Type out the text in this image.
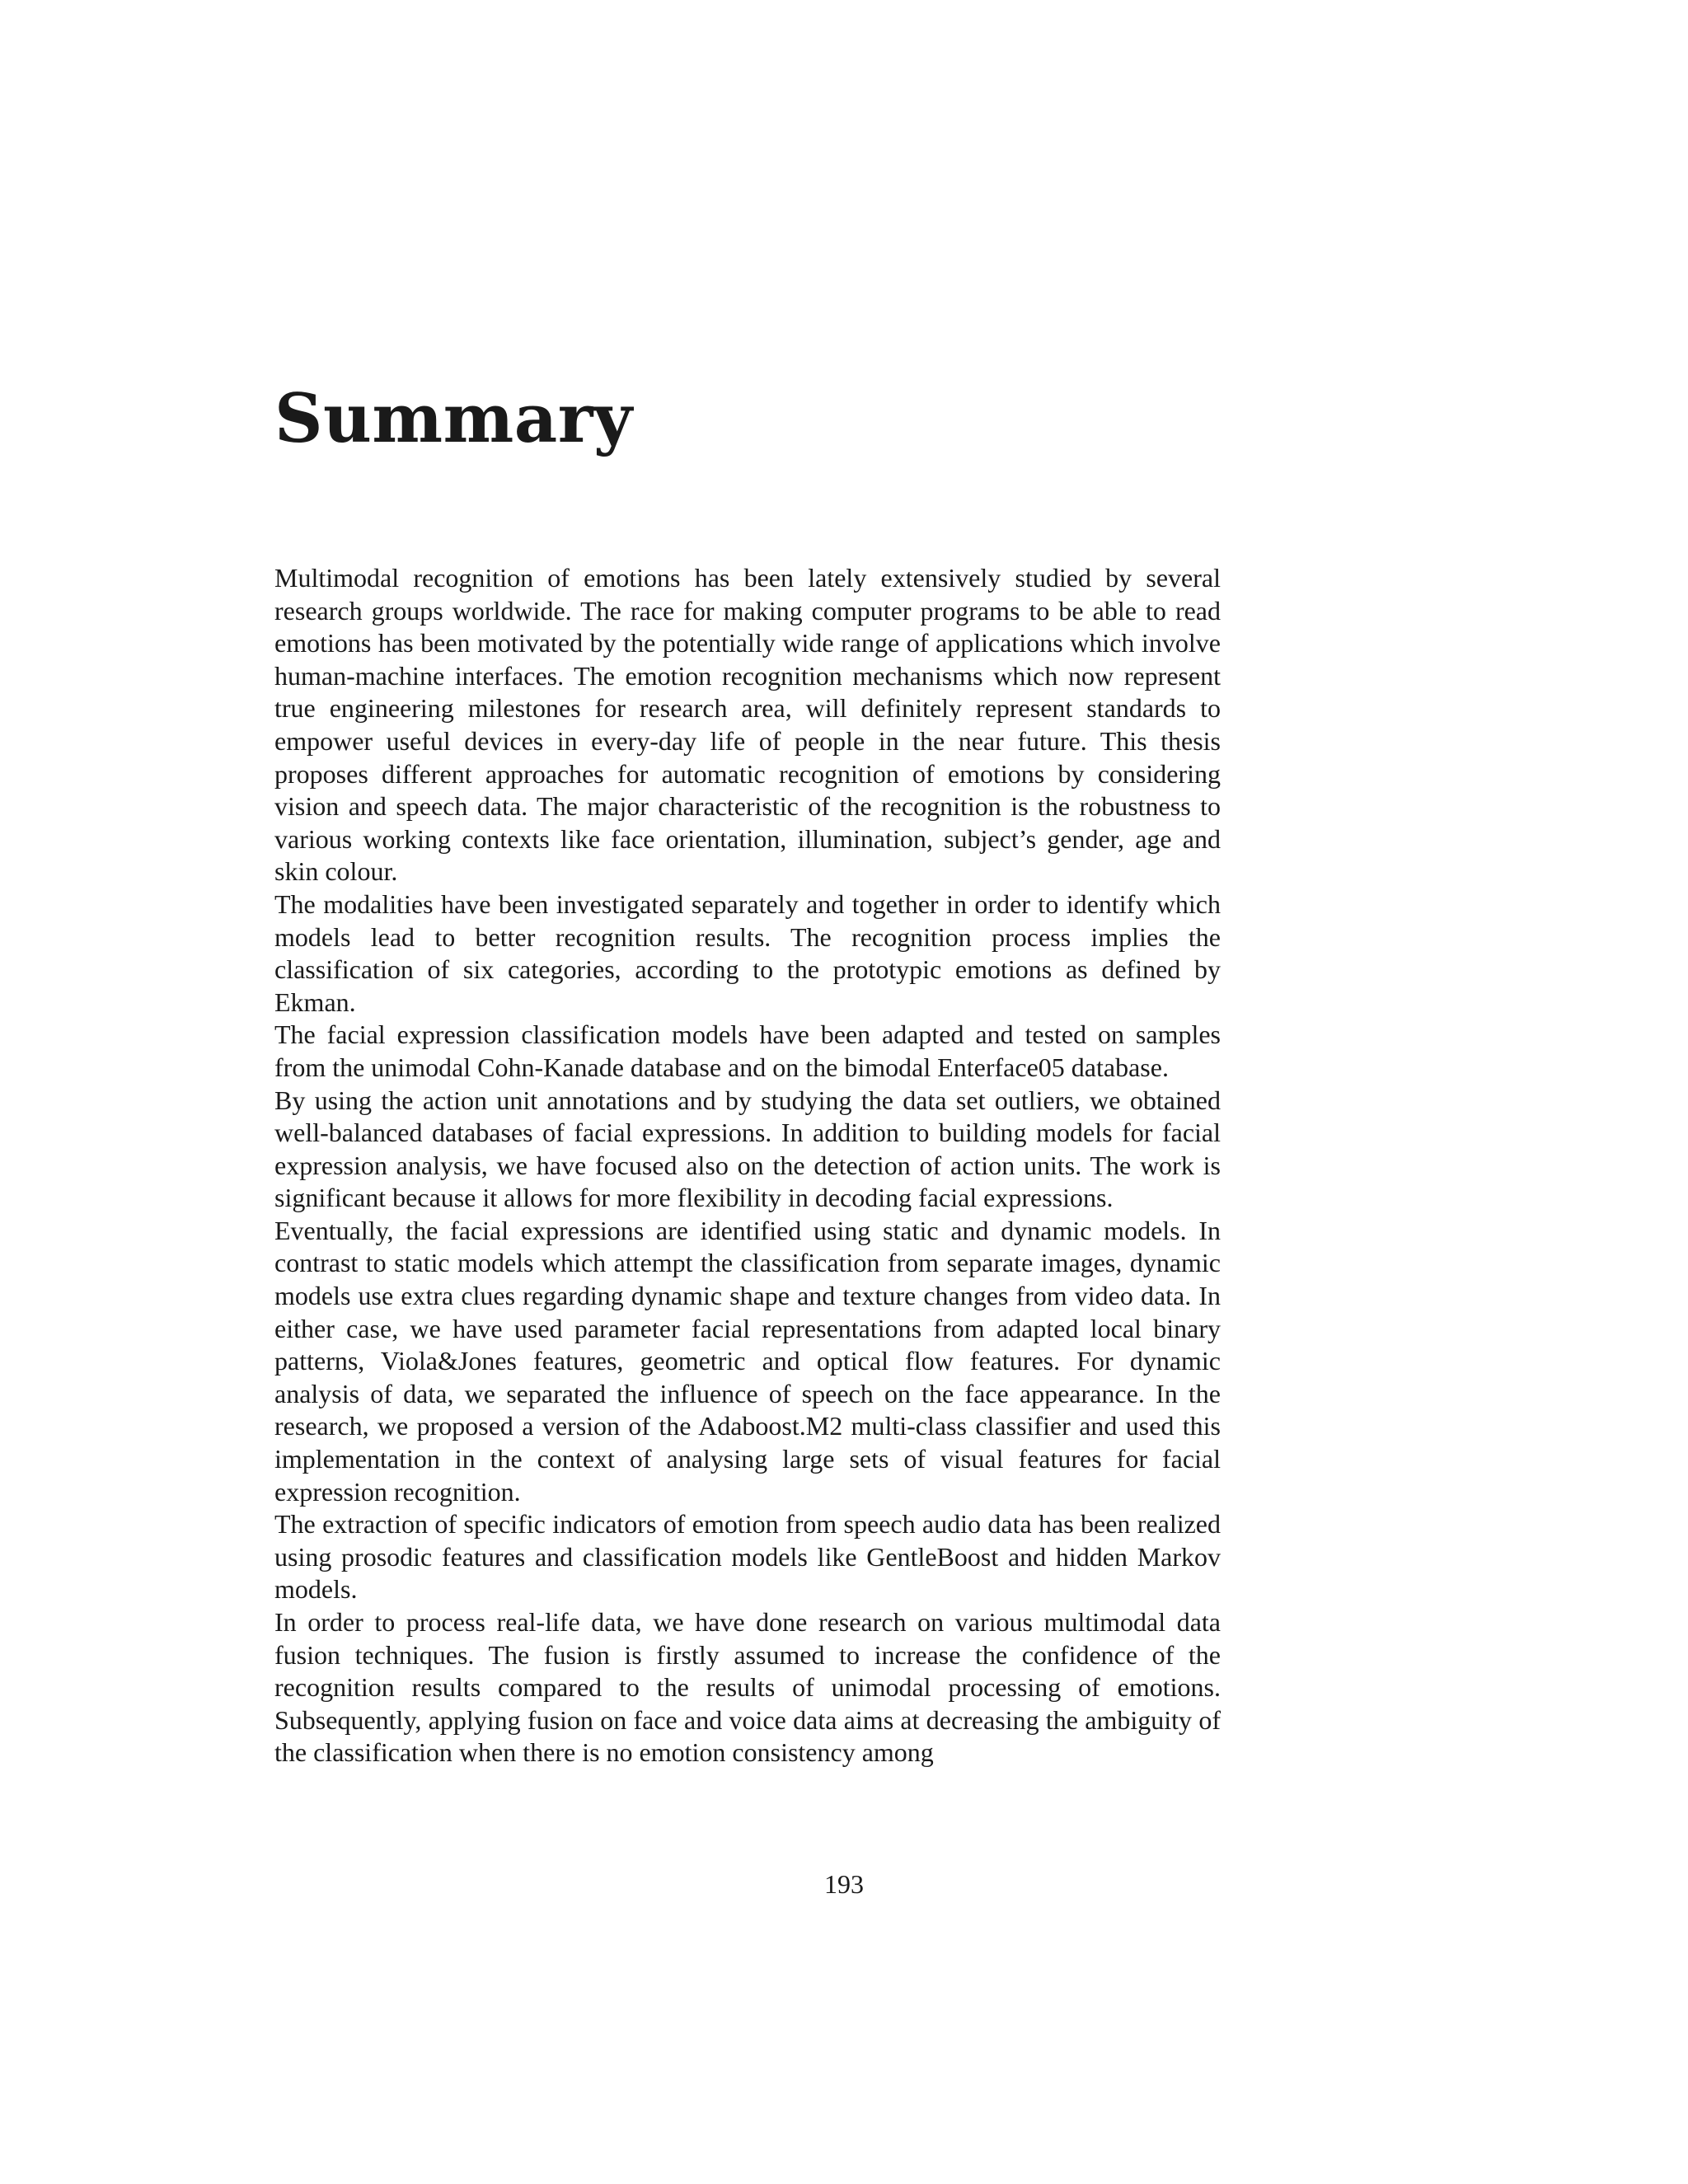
Summary

Multimodal recognition of emotions has been lately extensively studied by several research groups worldwide. The race for making computer programs to be able to read emotions has been motivated by the potentially wide range of applications which involve human-machine interfaces. The emotion recognition mechanisms which now represent true engineering milestones for research area, will definitely represent standards to empower useful devices in every-day life of people in the near future. This thesis proposes different approaches for automatic recognition of emotions by considering vision and speech data. The major characteristic of the recognition is the robustness to various working contexts like face orientation, illumination, subject’s gender, age and skin colour.

The modalities have been investigated separately and together in order to identify which models lead to better recognition results. The recognition process implies the classification of six categories, according to the prototypic emotions as defined by Ekman.

The facial expression classification models have been adapted and tested on samples from the unimodal Cohn-Kanade database and on the bimodal Enterface05 database.

By using the action unit annotations and by studying the data set outliers, we obtained well-balanced databases of facial expressions. In addition to building models for facial expression analysis, we have focused also on the detection of action units. The work is significant because it allows for more flexibility in decoding facial expressions.

Eventually, the facial expressions are identified using static and dynamic models. In contrast to static models which attempt the classification from separate images, dynamic models use extra clues regarding dynamic shape and texture changes from video data. In either case, we have used parameter facial representations from adapted local binary patterns, Viola&Jones features, geometric and optical flow features. For dynamic analysis of data, we separated the influence of speech on the face appearance. In the research, we proposed a version of the Adaboost.M2 multi-class classifier and used this implementation in the context of analysing large sets of visual features for facial expression recognition.

The extraction of specific indicators of emotion from speech audio data has been realized using prosodic features and classification models like GentleBoost and hidden Markov models.

In order to process real-life data, we have done research on various multimodal data fusion techniques. The fusion is firstly assumed to increase the confidence of the recognition results compared to the results of unimodal processing of emotions. Subsequently, applying fusion on face and voice data aims at decreasing the ambiguity of the classification when there is no emotion consistency among

193
